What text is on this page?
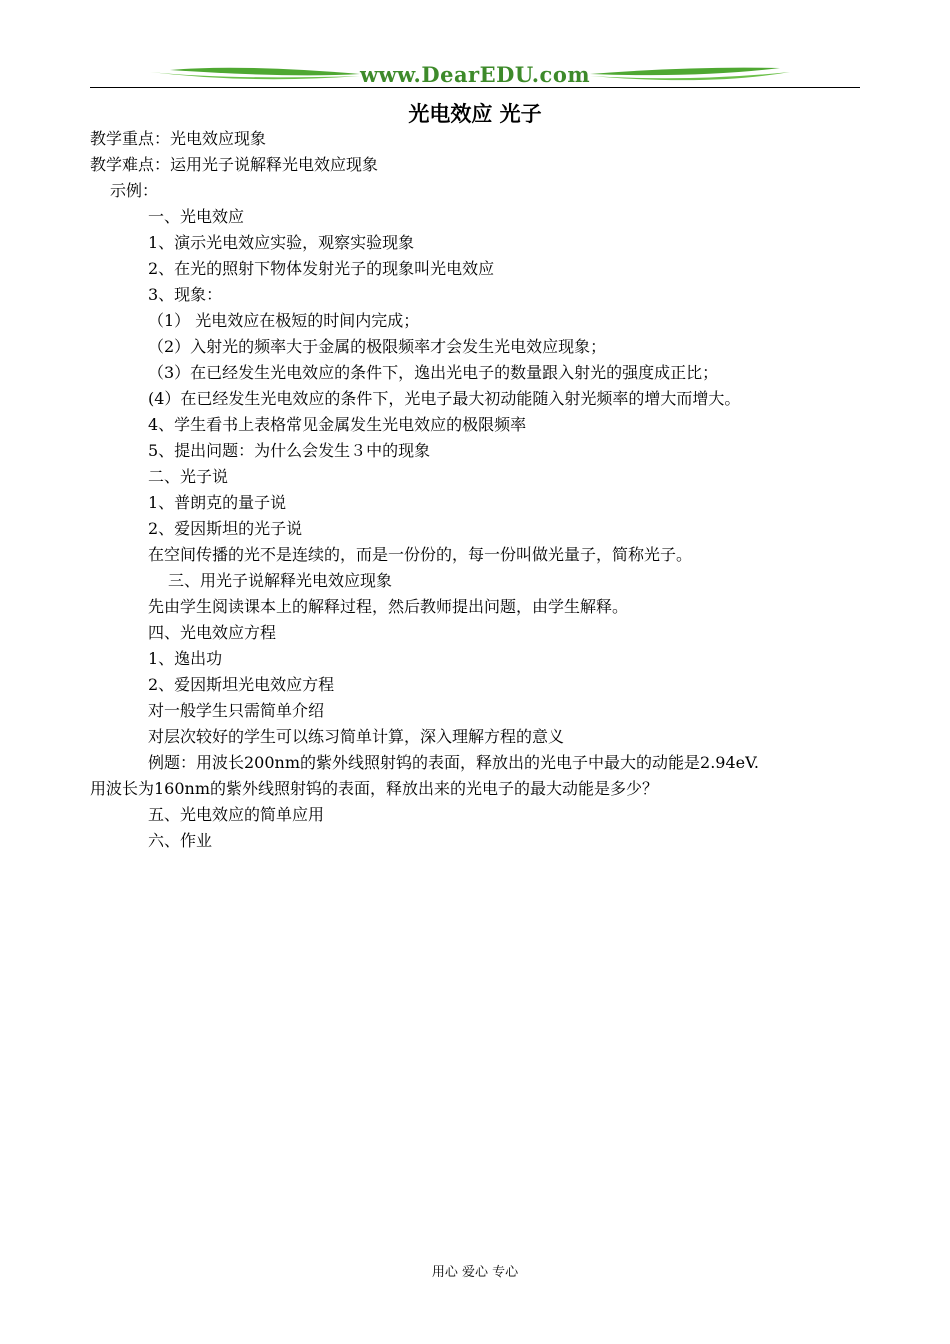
www.DearEDU.com
光电效应 光子
教学重点：光电效应现象
教学难点：运用光子说解释光电效应现象
示例：
一、光电效应
1、演示光电效应实验，观察实验现象
2、在光的照射下物体发射光子的现象叫光电效应
3、现象：
（1） 光电效应在极短的时间内完成；
（2）入射光的频率大于金属的极限频率才会发生光电效应现象；
（3）在已经发生光电效应的条件下，逸出光电子的数量跟入射光的强度成正比；
(4）在已经发生光电效应的条件下，光电子最大初动能随入射光频率的增大而增大。
4、学生看书上表格常见金属发生光电效应的极限频率
5、提出问题：为什么会发生３中的现象
二、光子说
1、普朗克的量子说
2、爱因斯坦的光子说
在空间传播的光不是连续的，而是一份份的，每一份叫做光量子，简称光子。
三、用光子说解释光电效应现象
先由学生阅读课本上的解释过程，然后教师提出问题，由学生解释。
四、光电效应方程
1、逸出功
2、爱因斯坦光电效应方程
对一般学生只需简单介绍
对层次较好的学生可以练习简单计算，深入理解方程的意义
例题：用波长200nm的紫外线照射钨的表面，释放出的光电子中最大的动能是2.94eV.
用波长为160nm的紫外线照射钨的表面，释放出来的光电子的最大动能是多少？
五、光电效应的简单应用
六、作业
用心 爱心 专心
